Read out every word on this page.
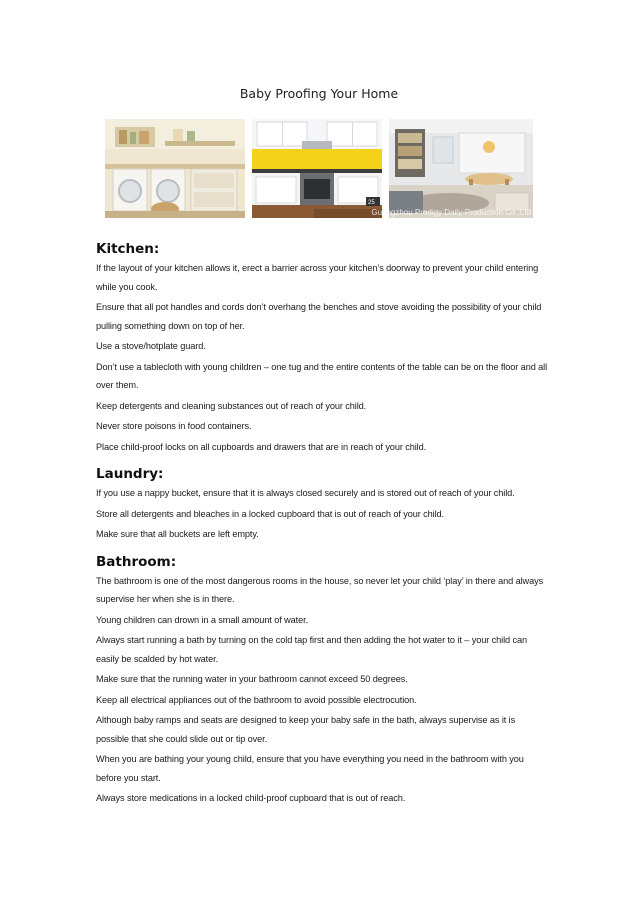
Baby Proofing Your Home
25
Guangzhou Prodigy Daily-Production Co.,Ltd
Kitchen:

If the layout of your kitchen allows it, erect a barrier across your kitchen’s doorway to prevent your child entering while you cook.

Ensure that all pot handles and cords don’t overhang the benches and stove avoiding the possibility of your child pulling something down on top of her.

Use a stove/hotplate guard.

Don’t use a tablecloth with young children – one tug and the entire contents of the table can be on the floor and all over them.

Keep detergents and cleaning substances out of reach of your child.

Never store poisons in food containers.

Place child-proof locks on all cupboards and drawers that are in reach of your child.

Laundry:

If you use a nappy bucket, ensure that it is always closed securely and is stored out of reach of your child.

Store all detergents and bleaches in a locked cupboard that is out of reach of your child.

Make sure that all buckets are left empty.

Bathroom:

The bathroom is one of the most dangerous rooms in the house, so never let your child ‘play’ in there and always supervise her when she is in there.

Young children can drown in a small amount of water.

Always start running a bath by turning on the cold tap first and then adding the hot water to it – your child can easily be scalded by hot water.

Make sure that the running water in your bathroom cannot exceed 50 degrees.

Keep all electrical appliances out of the bathroom to avoid possible electrocution.

Although baby ramps and seats are designed to keep your baby safe in the bath, always supervise as it is possible that she could slide out or tip over.

When you are bathing your young child, ensure that you have everything you need in the bathroom with you before you start.

Always store medications in a locked child-proof cupboard that is out of reach.
